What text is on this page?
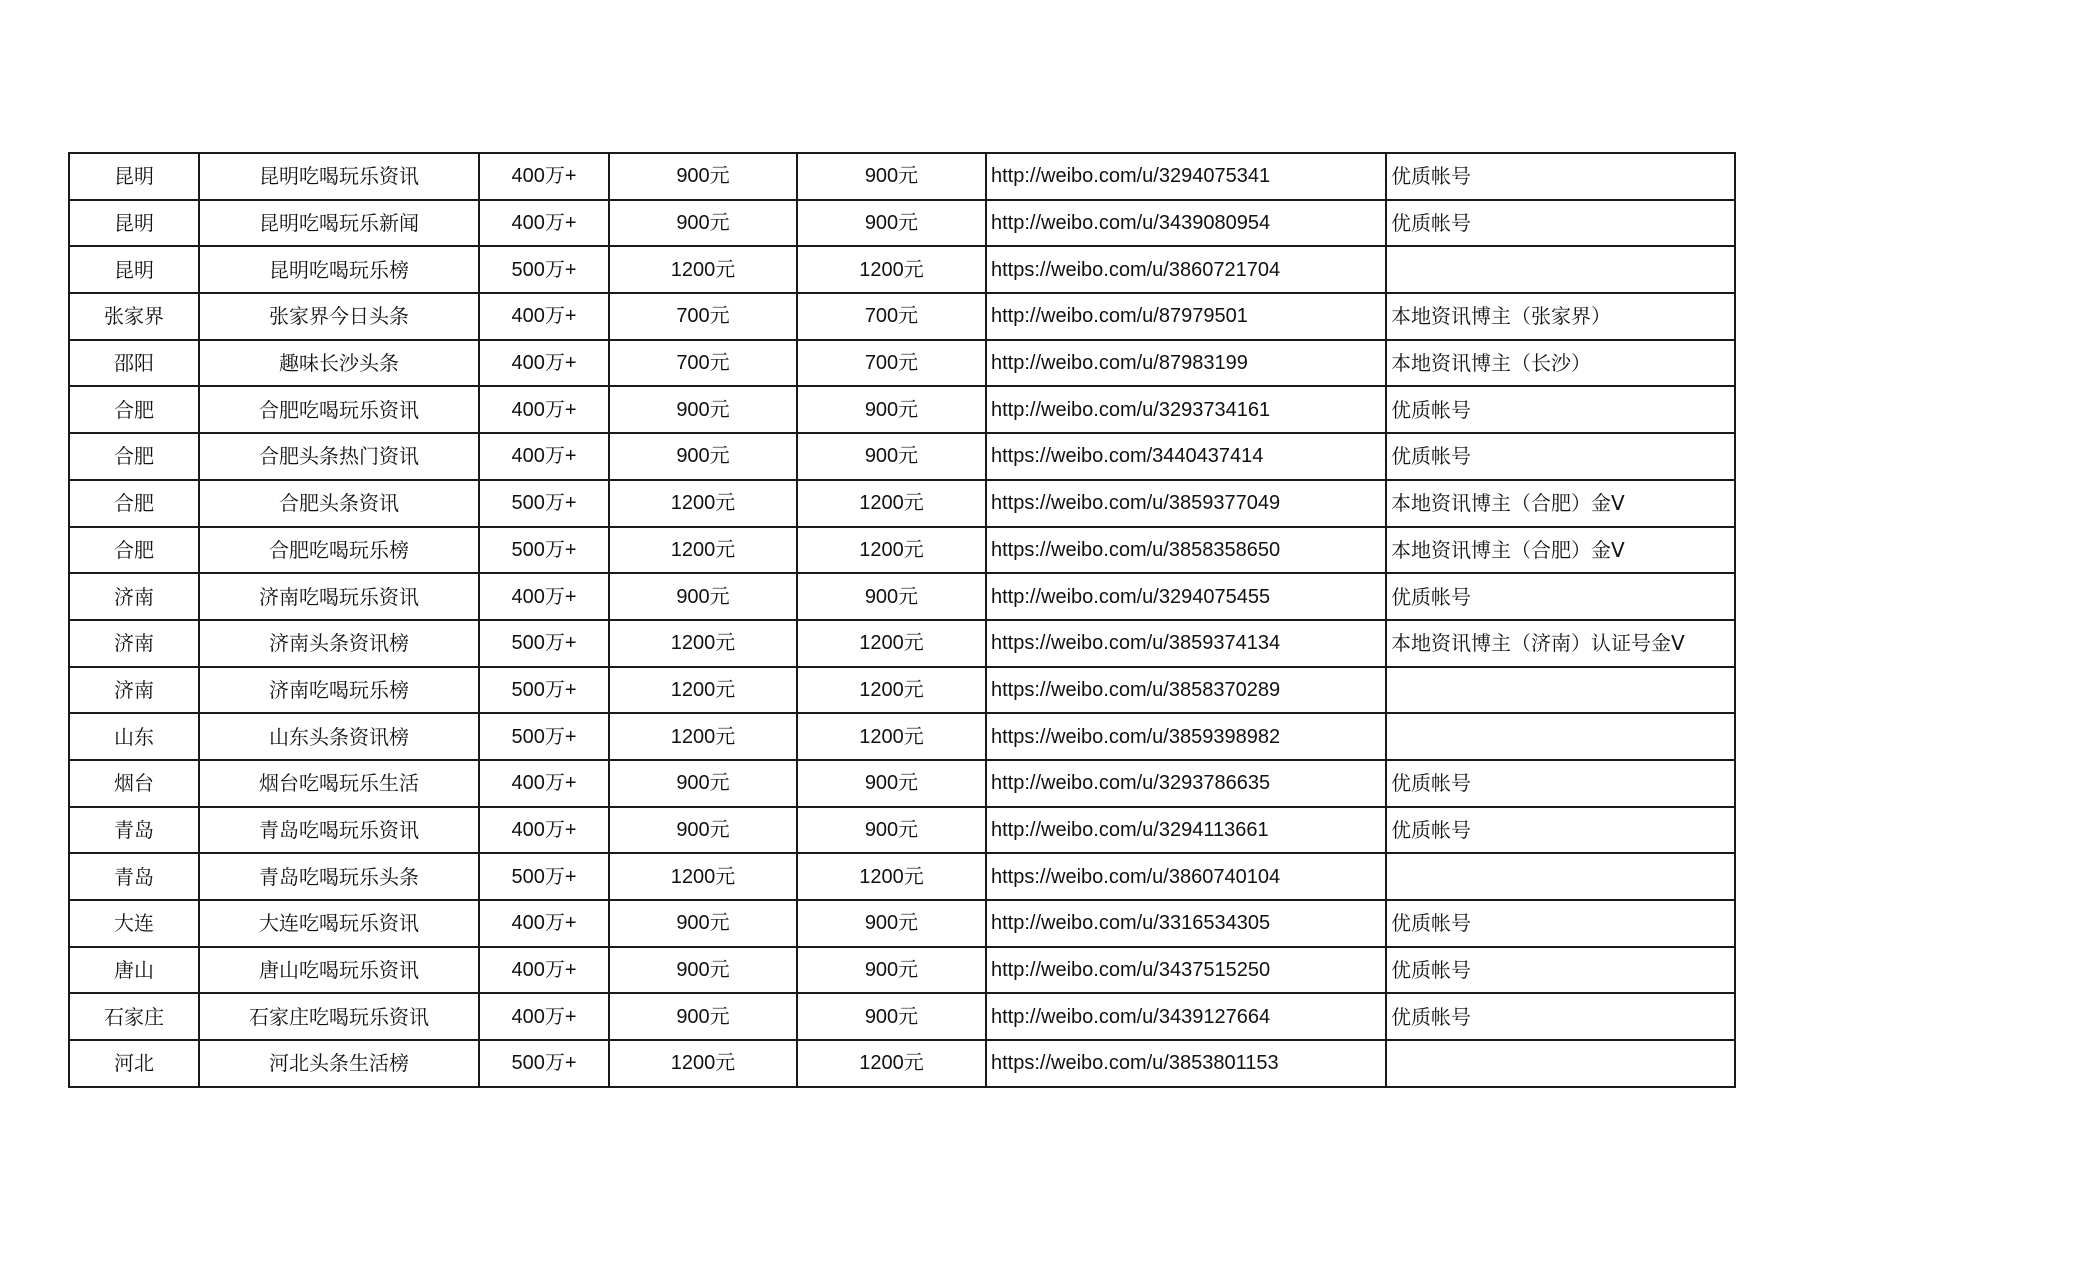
昆明	昆明吃喝玩乐资讯	400万+	900元	900元	http://weibo.com/u/3294075341	优质帐号
昆明	昆明吃喝玩乐新闻	400万+	900元	900元	http://weibo.com/u/3439080954	优质帐号
昆明	昆明吃喝玩乐榜	500万+	1200元	1200元	https://weibo.com/u/3860721704	
张家界	张家界今日头条	400万+	700元	700元	http://weibo.com/u/87979501	本地资讯博主（张家界）
邵阳	趣味长沙头条	400万+	700元	700元	http://weibo.com/u/87983199	本地资讯博主（长沙）
合肥	合肥吃喝玩乐资讯	400万+	900元	900元	http://weibo.com/u/3293734161	优质帐号
合肥	合肥头条热门资讯	400万+	900元	900元	https://weibo.com/3440437414	优质帐号
合肥	合肥头条资讯	500万+	1200元	1200元	https://weibo.com/u/3859377049	本地资讯博主（合肥）金V
合肥	合肥吃喝玩乐榜	500万+	1200元	1200元	https://weibo.com/u/3858358650	本地资讯博主（合肥）金V
济南	济南吃喝玩乐资讯	400万+	900元	900元	http://weibo.com/u/3294075455	优质帐号
济南	济南头条资讯榜	500万+	1200元	1200元	https://weibo.com/u/3859374134	本地资讯博主（济南）认证号金V
济南	济南吃喝玩乐榜	500万+	1200元	1200元	https://weibo.com/u/3858370289	
山东	山东头条资讯榜	500万+	1200元	1200元	https://weibo.com/u/3859398982	
烟台	烟台吃喝玩乐生活	400万+	900元	900元	http://weibo.com/u/3293786635	优质帐号
青岛	青岛吃喝玩乐资讯	400万+	900元	900元	http://weibo.com/u/3294113661	优质帐号
青岛	青岛吃喝玩乐头条	500万+	1200元	1200元	https://weibo.com/u/3860740104	
大连	大连吃喝玩乐资讯	400万+	900元	900元	http://weibo.com/u/3316534305	优质帐号
唐山	唐山吃喝玩乐资讯	400万+	900元	900元	http://weibo.com/u/3437515250	优质帐号
石家庄	石家庄吃喝玩乐资讯	400万+	900元	900元	http://weibo.com/u/3439127664	优质帐号
河北	河北头条生活榜	500万+	1200元	1200元	https://weibo.com/u/3853801153	
